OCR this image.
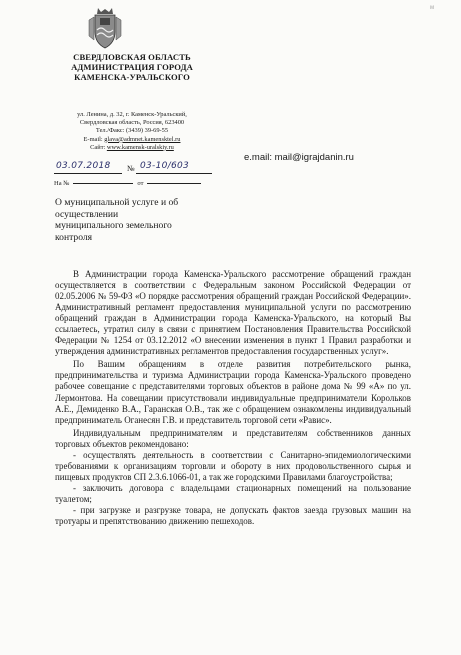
м
СВЕРДЛОВСКАЯ ОБЛАСТЬ
АДМИНИСТРАЦИЯ ГОРОДА
КАМЕНСКА-УРАЛЬСКОГО
ул. Ленина, д. 32, г. Каменск-Уральский,
Свердловская область, Россия, 623400
Тел./Факс: (3439) 39-69-55
E-mail: glava@admnet.kamensktel.ru
Сайт: www.kamensk-uralskiy.ru
e.mail: mail@igrajdanin.ru
03.07.2018 № 03-10/603
На №	от
О муниципальной услуге и об осуществлении муниципального земельного контроля

В Администрации города Каменска-Уральского рассмотрение обращений граждан осуществляется в соответствии с Федеральным законом Российской Федерации от 02.05.2006 № 59-ФЗ «О порядке рассмотрения обращений граждан Российской Федерации». Административный регламент предоставления муниципальной услуги по рассмотрению обращений граждан в Администрации города Каменска-Уральского, на который Вы ссылаетесь, утратил силу в связи с принятием Постановления Правительства Российской Федерации № 1254 от 03.12.2012 «О внесении изменения в пункт 1 Правил разработки и утверждения административных регламентов предоставления государственных услуг».

По Вашим обращениям в отделе развития потребительского рынка, предпринимательства и туризма Администрации города Каменска-Уральского проведено рабочее совещание с представителями торговых объектов в районе дома № 99 «А» по ул. Лермонтова. На совещании присутствовали индивидуальные предприниматели Корольков А.Е., Демиденко В.А., Гаранская О.В., так же с обращением ознакомлены индивидуальный предприниматель Оганесян Г.В. и представитель торговой сети «Равис».

Индивидуальным предпринимателям и представителям собственников данных торговых объектов рекомендовано:

- осуществлять деятельность в соответствии с Санитарно-эпидемиологическими требованиями к организациям торговли и обороту в них продовольственного сырья и пищевых продуктов СП 2.3.6.1066-01, а так же городскими Правилами благоустройства;

- заключить договора с владельцами стационарных помещений на пользование туалетом;

- при загрузке и разгрузке товара, не допускать фактов заезда грузовых машин на тротуары и препятствованию движению пешеходов.
